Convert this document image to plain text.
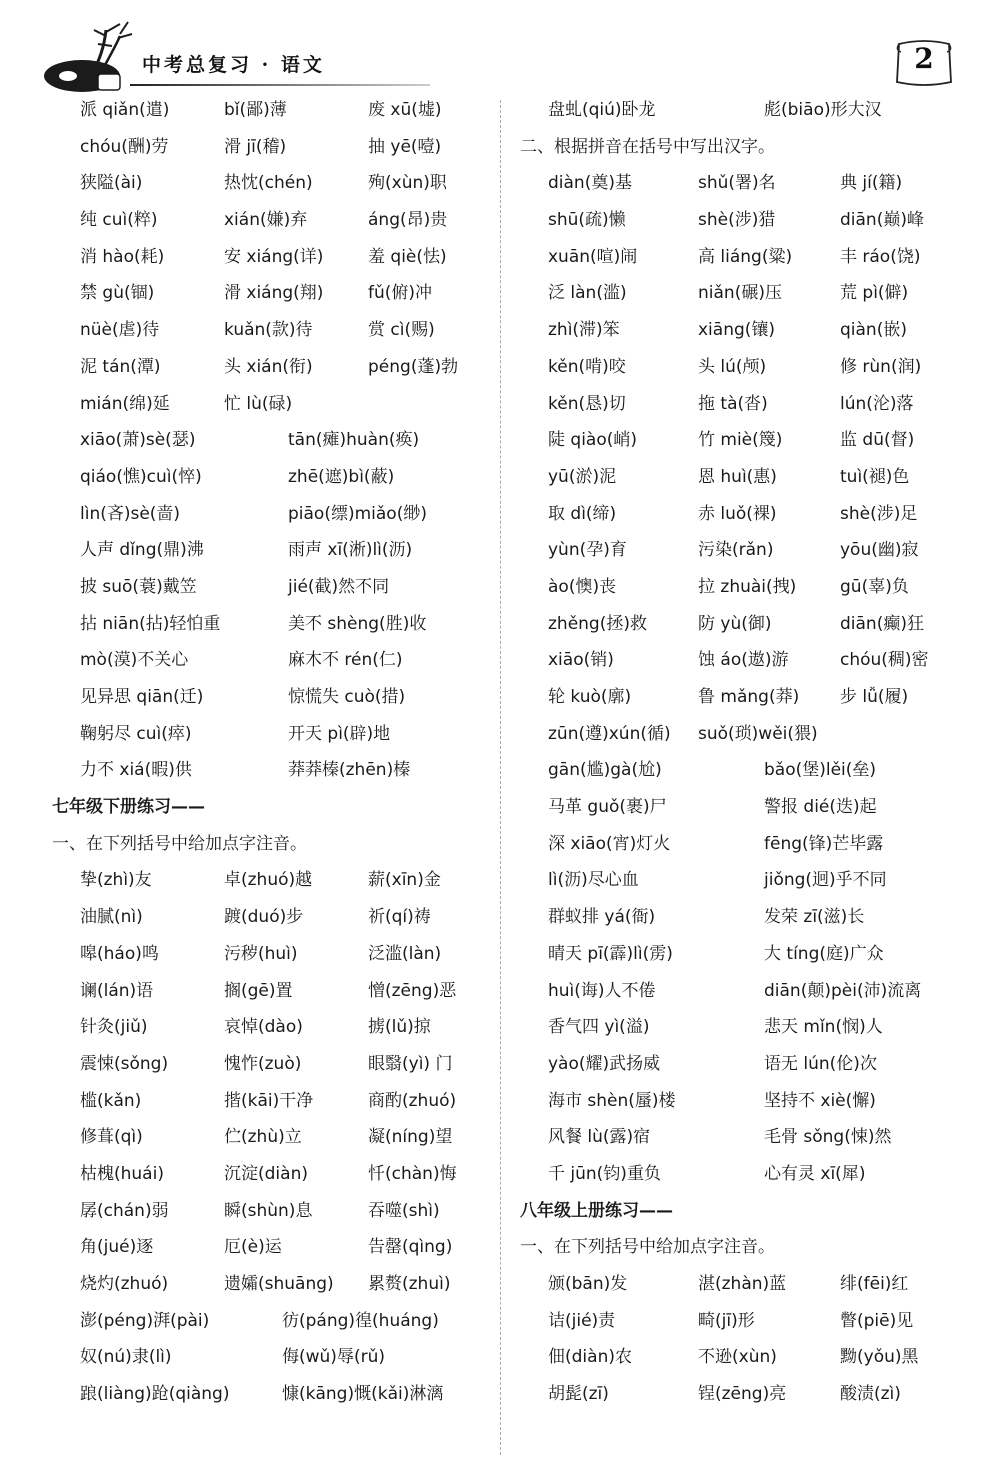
中考总复习 · 语文	2
派 qiǎn(遣)	bǐ(鄙)薄	废 xū(墟)
chóu(酬)劳	滑 jī(稽)	抽 yē(噎)
狭隘(ài)	热忱(chén)	殉(xùn)职
纯 cuì(粹)	xián(嫌)弃	áng(昂)贵
消 hào(耗)	安 xiáng(详)	羞 qiè(怯)
禁 gù(锢)	滑 xiáng(翔)	fǔ(俯)冲
nüè(虐)待	kuǎn(款)待	赏 cì(赐)
泥 tán(潭)	头 xián(衔)	péng(蓬)勃
mián(绵)延	忙 lù(碌)
xiāo(萧)sè(瑟)	tān(瘫)huàn(痪)
qiáo(憔)cuì(悴)	zhē(遮)bì(蔽)
lìn(吝)sè(啬)	piāo(缥)miǎo(缈)
人声 dǐng(鼎)沸	雨声 xī(淅)lì(沥)
披 suō(蓑)戴笠	jié(截)然不同
拈 niān(拈)轻怕重	美不 shèng(胜)收
mò(漠)不关心	麻木不 rén(仁)
见异思 qiān(迁)	惊慌失 cuò(措)
鞠躬尽 cuì(瘁)	开天 pì(辟)地
力不 xiá(暇)供	莽莽榛(zhēn)榛
七年级下册练习——
一、在下列括号中给加点字注音。
挚(zhì)友	卓(zhuó)越	薪(xīn)金
油腻(nì)	踱(duó)步	祈(qí)祷
嗥(háo)鸣	污秽(huì)	泛滥(làn)
谰(lán)语	搁(gē)置	憎(zēng)恶
针灸(jiǔ)	哀悼(dào)	掳(lǔ)掠
震悚(sǒng)	愧怍(zuò)	眼翳(yì) 门
槛(kǎn)	揩(kāi)干净	商酌(zhuó)
修葺(qì)	伫(zhù)立	凝(níng)望
枯槐(huái)	沉淀(diàn)	忏(chàn)悔
孱(chán)弱	瞬(shùn)息	吞噬(shì)
角(jué)逐	厄(è)运	告罄(qìng)
烧灼(zhuó)	遗孀(shuāng) 累赘(zhuì)
澎(péng)湃(pài)	彷(páng)徨(huáng)
奴(nú)隶(lì)	侮(wǔ)辱(rǔ)
踉(liàng)跄(qiàng)	慷(kāng)慨(kǎi)淋漓
盘虬(qiú)卧龙	彪(biāo)形大汉
二、根据拼音在括号中写出汉字。
diàn(奠)基	shǔ(署)名	典 jí(籍)
shū(疏)懒	shè(涉)猎	diān(巅)峰
xuān(喧)闹	高 liáng(粱)	丰 ráo(饶)
泛 làn(滥)	niǎn(碾)压	荒 pì(僻)
zhì(滞)笨	xiāng(镶)	qiàn(嵌)
kěn(啃)咬	头 lú(颅)	修 rùn(润)
kěn(恳)切	拖 tà(沓)	lún(沦)落
陡 qiào(峭)	竹 miè(篾)	监 dū(督)
yū(淤)泥	恩 huì(惠)	tuì(褪)色
取 dì(缔)	赤 luǒ(裸)	shè(涉)足
yùn(孕)育	污染(rǎn)	yōu(幽)寂
ào(懊)丧	拉 zhuài(拽)	gū(辜)负
zhěng(拯)救	防 yù(御)	diān(癫)狂
xiāo(销)	蚀 áo(遨)游	chóu(稠)密
轮 kuò(廓)	鲁 mǎng(莽) 步 lǚ(履)
zūn(遵)xún(循) suǒ(琐)wěi(猥)
gān(尴)gà(尬)	bǎo(堡)lěi(垒)
马革 guǒ(裹)尸	警报 dié(迭)起
深 xiāo(宵)灯火	fēng(锋)芒毕露
lì(沥)尽心血	jiǒng(迥)乎不同
群蚁排 yá(衙)	发荣 zī(滋)长
晴天 pī(霹)lì(雳)	大 tíng(庭)广众
huì(诲)人不倦	diān(颠)pèi(沛)流离
香气四 yì(溢)	悲天 mǐn(悯)人
yào(耀)武扬威	语无 lún(伦)次
海市 shèn(蜃)楼	坚持不 xiè(懈)
风餐 lù(露)宿	毛骨 sǒng(悚)然
千 jūn(钧)重负	心有灵 xī(犀)
八年级上册练习——
一、在下列括号中给加点字注音。
颁(bān)发	湛(zhàn)蓝	绯(fēi)红
诘(jié)责	畸(jī)形	瞥(piē)见
佃(diàn)农	不逊(xùn)	黝(yǒu)黑
胡髭(zī)	锃(zēng)亮	酸渍(zì)
